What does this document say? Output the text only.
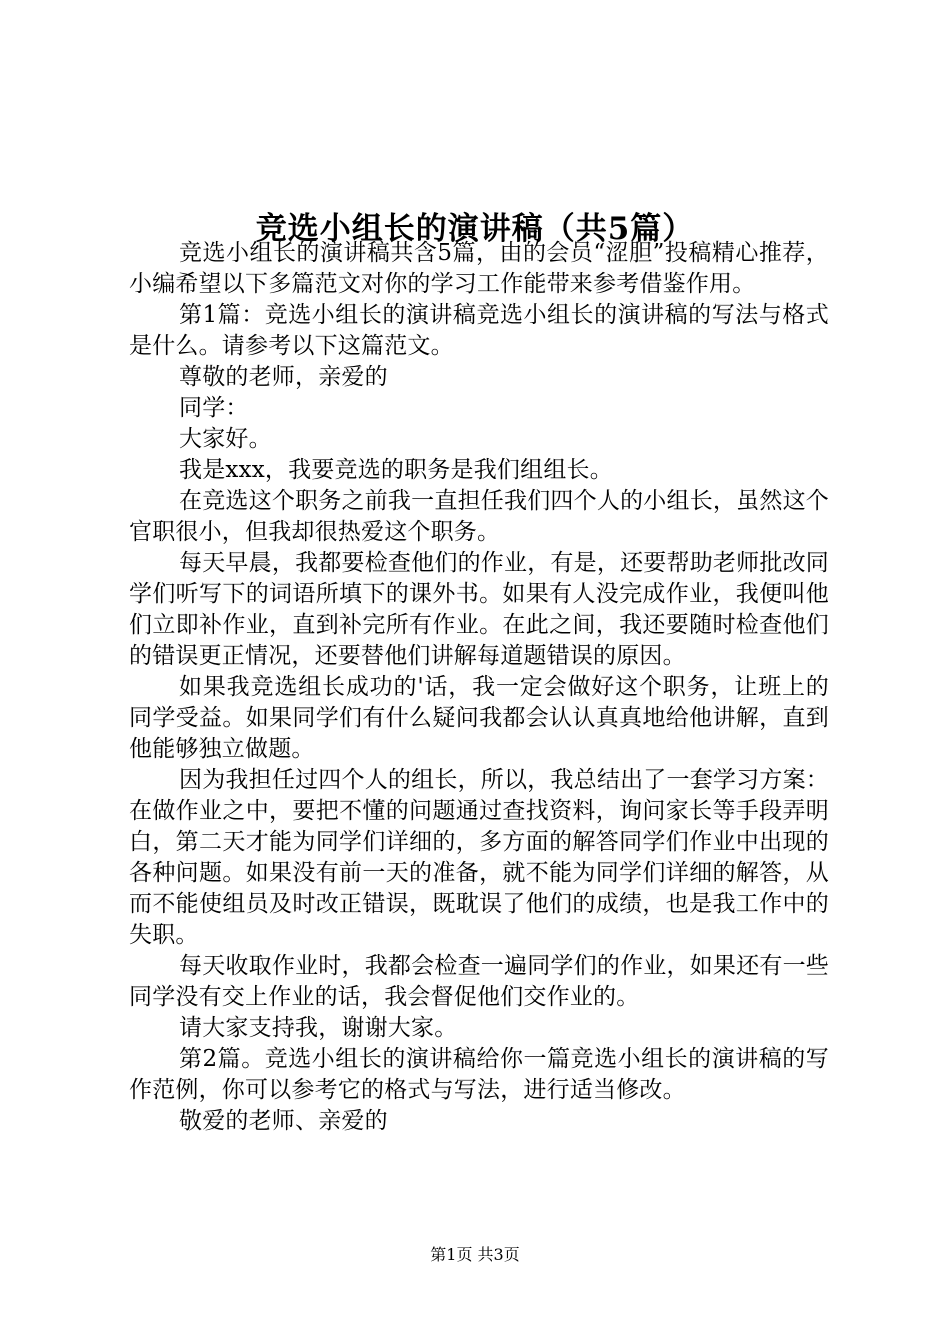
竞选小组长的演讲稿（共5篇）

竞选小组长的演讲稿共含5篇，由的会员“涩胆”投稿精心推荐，小编希望以下多篇范文对你的学习工作能带来参考借鉴作用。

第1篇：竞选小组长的演讲稿竞选小组长的演讲稿的写法与格式是什么。请参考以下这篇范文。

尊敬的老师，亲爱的

同学：

大家好。

我是xxx，我要竞选的职务是我们组组长。

在竞选这个职务之前我一直担任我们四个人的小组长，虽然这个官职很小，但我却很热爱这个职务。

每天早晨，我都要检查他们的作业，有是，还要帮助老师批改同学们听写下的词语所填下的课外书。如果有人没完成作业，我便叫他们立即补作业，直到补完所有作业。在此之间，我还要随时检查他们的错误更正情况，还要替他们讲解每道题错误的原因。

如果我竞选组长成功的'话，我一定会做好这个职务，让班上的同学受益。如果同学们有什么疑问我都会认认真真地给他讲解，直到他能够独立做题。

因为我担任过四个人的组长，所以，我总结出了一套学习方案：在做作业之中，要把不懂的问题通过查找资料，询问家长等手段弄明白，第二天才能为同学们详细的，多方面的解答同学们作业中出现的各种问题。如果没有前一天的准备，就不能为同学们详细的解答，从而不能使组员及时改正错误，既耽误了他们的成绩，也是我工作中的失职。

每天收取作业时，我都会检查一遍同学们的作业，如果还有一些同学没有交上作业的话，我会督促他们交作业的。

请大家支持我，谢谢大家。

第2篇。竞选小组长的演讲稿给你一篇竞选小组长的演讲稿的写作范例，你可以参考它的格式与写法，进行适当修改。

敬爱的老师、亲爱的

第1页 共3页
